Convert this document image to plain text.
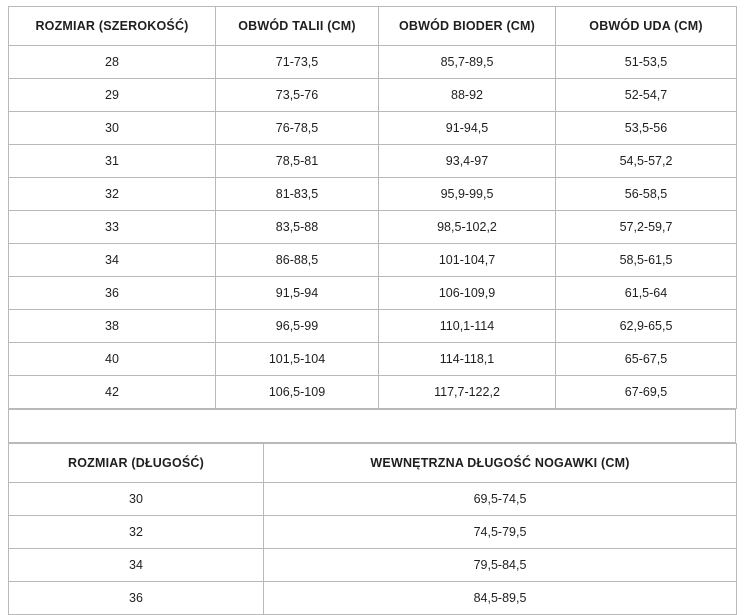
ROZMIAR (SZEROKOŚĆ)	OBWÓD TALII (CM)	OBWÓD BIODER (CM)	OBWÓD UDA (CM)
28	71-73,5	85,7-89,5	51-53,5
29	73,5-76	88-92	52-54,7
30	76-78,5	91-94,5	53,5-56
31	78,5-81	93,4-97	54,5-57,2
32	81-83,5	95,9-99,5	56-58,5
33	83,5-88	98,5-102,2	57,2-59,7
34	86-88,5	101-104,7	58,5-61,5
36	91,5-94	106-109,9	61,5-64
38	96,5-99	110,1-114	62,9-65,5
40	101,5-104	114-118,1	65-67,5
42	106,5-109	117,7-122,2	67-69,5
ROZMIAR (DŁUGOŚĆ)	WEWNĘTRZNA DŁUGOŚĆ NOGAWKI (CM)
30	69,5-74,5
32	74,5-79,5
34	79,5-84,5
36	84,5-89,5
